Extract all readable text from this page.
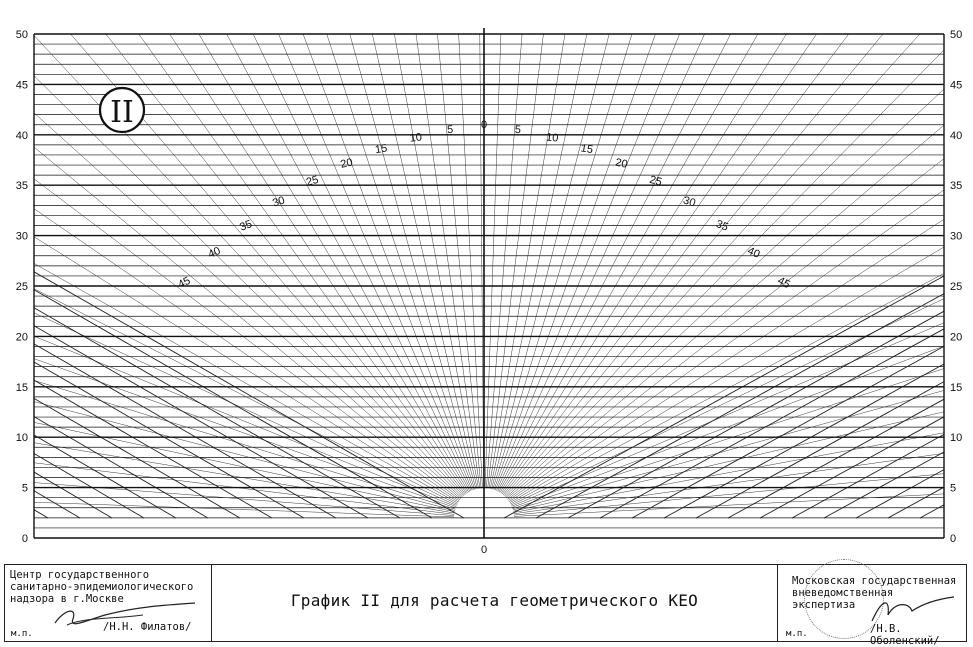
0
5
10
15
20
25
30
35
40
45
50
0
0
5
10
15
20
25
30
35
40
45
50
0
5
10
15
20
25
30
35
40
45
5
10
15
20
25
30
35
40
45
II
Центр государственного
санитарно-эпидемиологического
надзора в г.Москве
/Н.Н. Филатов/
м.п.
График II для расчета геометрического КЕО
Московская государственная
вневедомственная
экспертиза
/Н.В. Оболенский/
м.п.
